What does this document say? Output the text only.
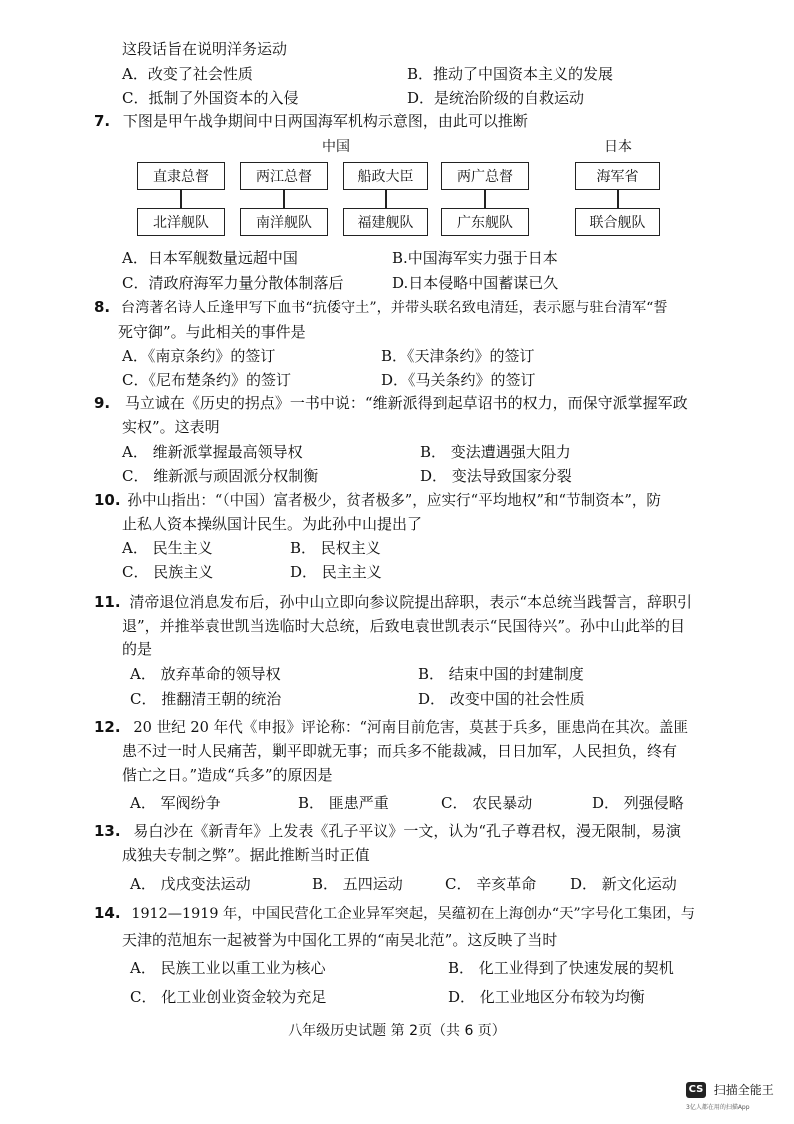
这段话旨在说明洋务运动
A．改变了社会性质	B．推动了中国资本主义的发展
C．抵制了外国资本的入侵	D．是统治阶级的自救运动
7. 下图是甲午战争期间中日两国海军机构示意图，由此可以推断
中国	日本
直隶总督	两江总督	船政大臣	两广总督	海军省
北洋舰队	南洋舰队	福建舰队	广东舰队	联合舰队
A．日本军舰数量远超中国	B.中国海军实力强于日本
C．清政府海军力量分散体制落后	D.日本侵略中国蓄谋已久
8. 台湾著名诗人丘逢甲写下血书“抗倭守土”，并带头联名致电清廷，表示愿与驻台清军“誓
死守御”。与此相关的事件是
A．《南京条约》的签订	B．《天津条约》的签订
C．《尼布楚条约》的签订	D．《马关条约》的签订
9. 马立诚在《历史的拐点》一书中说：“维新派得到起草诏书的权力，而保守派掌握军政
实权”。这表明
A． 维新派掌握最高领导权	B． 变法遭遇强大阻力
C． 维新派与顽固派分权制衡	D． 变法导致国家分裂
10. 孙中山指出：“（中国）富者极少，贫者极多”，应实行“平均地权”和“节制资本”，防
止私人资本操纵国计民生。为此孙中山提出了
A． 民生主义	B． 民权主义
C． 民族主义	D． 民主主义
11. 清帝退位消息发布后，孙中山立即向参议院提出辞职，表示“本总统当践誓言，辞职引
退”，并推举袁世凯当选临时大总统，后致电袁世凯表示“民国待兴”。孙中山此举的目
的是
A． 放弃革命的领导权	B． 结束中国的封建制度
C． 推翻清王朝的统治	D． 改变中国的社会性质
12. 20 世纪 20 年代《申报》评论称：“河南目前危害，莫甚于兵多，匪患尚在其次。盖匪
患不过一时人民痛苦，剿平即就无事；而兵多不能裁减，日日加军，人民担负，终有
偕亡之日。”造成“兵多”的原因是
A． 军阀纷争	B． 匪患严重	C． 农民暴动	D． 列强侵略
13. 易白沙在《新青年》上发表《孔子平议》一文，认为“孔子尊君权，漫无限制，易演
成独夫专制之弊”。据此推断当时正值
A． 戊戌变法运动	B． 五四运动	C． 辛亥革命 D． 新文化运动
14. 1912—1919 年，中国民营化工企业异军突起，吴蕴初在上海创办“天”字号化工集团，与
天津的范旭东一起被誉为中国化工界的“南吴北范”。这反映了当时
A． 民族工业以重工业为核心	B． 化工业得到了快速发展的契机
C． 化工业创业资金较为充足	D． 化工业地区分布较为均衡
八年级历史试题 第 2页（共 6 页）
CS 扫描全能王
3亿人都在用的扫描App
